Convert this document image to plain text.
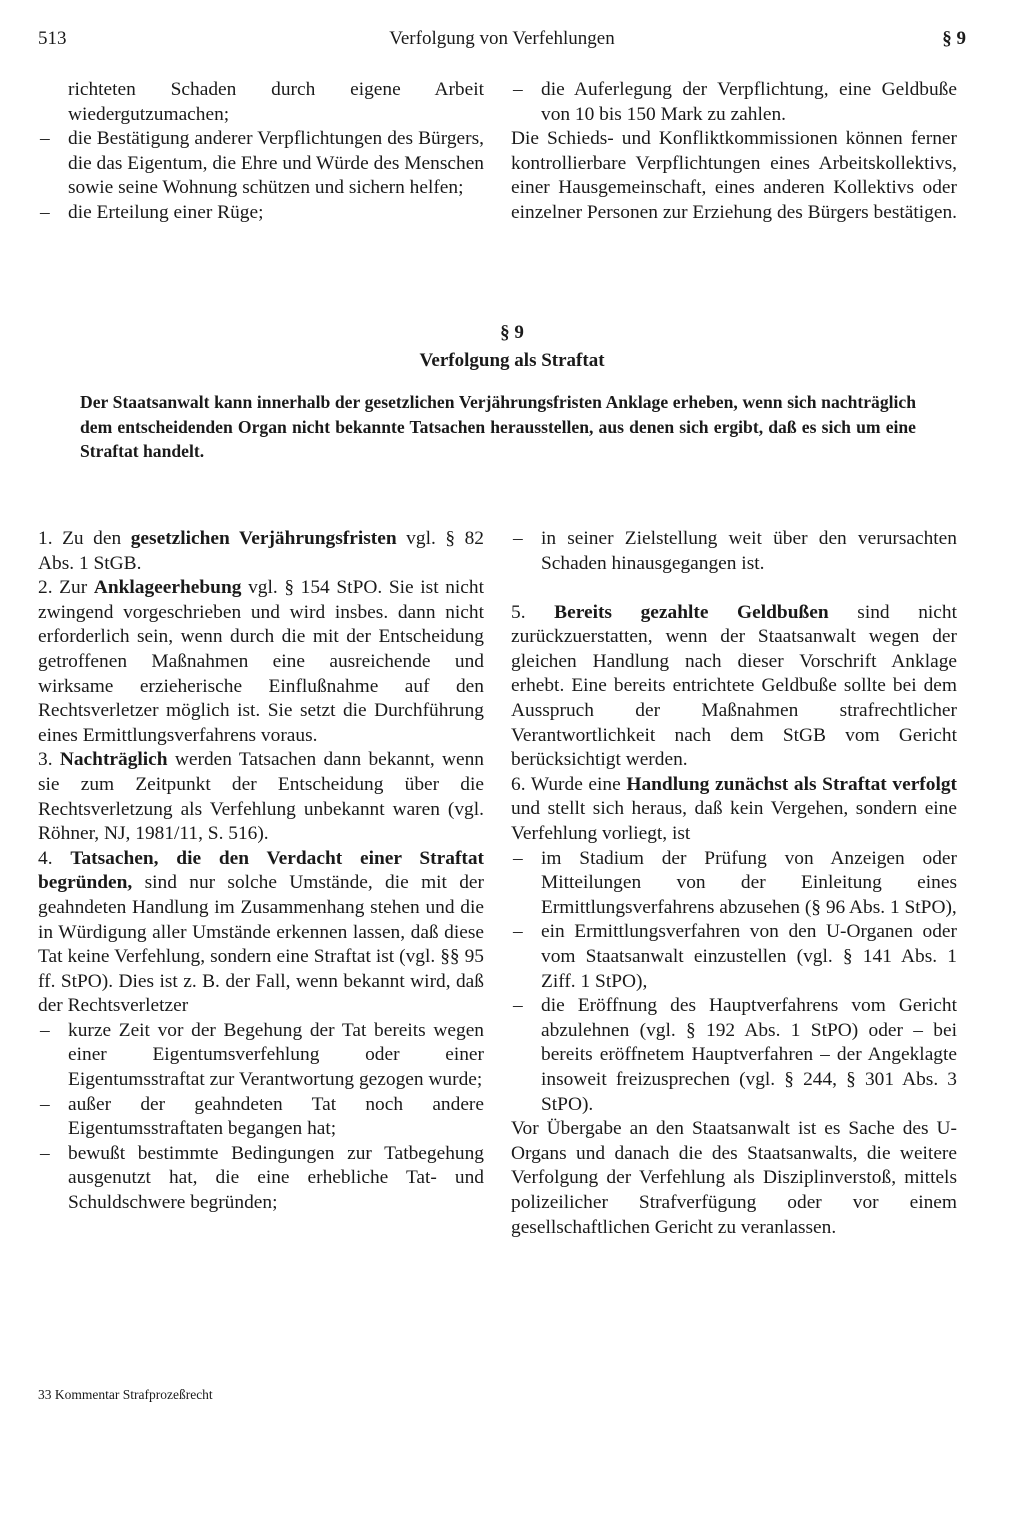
513	Verfolgung von Verfehlungen	§ 9

richteten Schaden durch eigene Arbeit wiedergutzumachen;

– die Bestätigung anderer Verpflichtungen des Bürgers, die das Eigentum, die Ehre und Würde des Menschen sowie seine Wohnung schützen und sichern helfen;
– die Erteilung einer Rüge;
– die Auferlegung der Verpflichtung, eine Geldbuße von 10 bis 150 Mark zu zahlen.

Die Schieds- und Konfliktkommissionen können ferner kontrollierbare Verpflichtungen eines Arbeitskollektivs, einer Hausgemeinschaft, eines anderen Kollektivs oder einzelner Personen zur Erziehung des Bürgers bestätigen.

§ 9
Verfolgung als Straftat

Der Staatsanwalt kann innerhalb der gesetzlichen Verjährungsfristen Anklage erheben, wenn sich nachträglich dem entscheidenden Organ nicht bekannte Tatsachen herausstellen, aus denen sich ergibt, daß es sich um eine Straftat handelt.

1. Zu den gesetzlichen Verjährungsfristen vgl. § 82 Abs. 1 StGB.

2. Zur Anklageerhebung vgl. § 154 StPO. Sie ist nicht zwingend vorgeschrieben und wird insbes. dann nicht erforderlich sein, wenn durch die mit der Entscheidung getroffenen Maßnahmen eine ausreichende und wirksame erzieherische Einflußnahme auf den Rechtsverletzer möglich ist. Sie setzt die Durchführung eines Ermittlungsverfahrens voraus.

3. Nachträglich werden Tatsachen dann bekannt, wenn sie zum Zeitpunkt der Entscheidung über die Rechtsverletzung als Verfehlung unbekannt waren (vgl. Röhner, NJ, 1981/11, S. 516).

4. Tatsachen, die den Verdacht einer Straftat begründen, sind nur solche Umstände, die mit der geahndeten Handlung im Zusammenhang stehen und die in Würdigung aller Umstände erkennen lassen, daß diese Tat keine Verfehlung, sondern eine Straftat ist (vgl. §§ 95 ff. StPO). Dies ist z. B. der Fall, wenn bekannt wird, daß der Rechtsverletzer

– kurze Zeit vor der Begehung der Tat bereits wegen einer Eigentumsverfehlung oder einer Eigentumsstraftat zur Verantwortung gezogen wurde;
– außer der geahndeten Tat noch andere Eigentumsstraftaten begangen hat;
– bewußt bestimmte Bedingungen zur Tatbegehung ausgenutzt hat, die eine erhebliche Tat- und Schuldschwere begründen;
– in seiner Zielstellung weit über den verursachten Schaden hinausgegangen ist.

5. Bereits gezahlte Geldbußen sind nicht zurückzuerstatten, wenn der Staatsanwalt wegen der gleichen Handlung nach dieser Vorschrift Anklage erhebt. Eine bereits entrichtete Geldbuße sollte bei dem Ausspruch der Maßnahmen strafrechtlicher Verantwortlichkeit nach dem StGB vom Gericht berücksichtigt werden.

6. Wurde eine Handlung zunächst als Straftat verfolgt und stellt sich heraus, daß kein Vergehen, sondern eine Verfehlung vorliegt, ist

– im Stadium der Prüfung von Anzeigen oder Mitteilungen von der Einleitung eines Ermittlungsverfahrens abzusehen (§ 96 Abs. 1 StPO),
– ein Ermittlungsverfahren von den U-Organen oder vom Staatsanwalt einzustellen (vgl. § 141 Abs. 1 Ziff. 1 StPO),
– die Eröffnung des Hauptverfahrens vom Gericht abzulehnen (vgl. § 192 Abs. 1 StPO) oder – bei bereits eröffnetem Hauptverfahren – der Angeklagte insoweit freizusprechen (vgl. § 244, § 301 Abs. 3 StPO).

Vor Übergabe an den Staatsanwalt ist es Sache des U-Organs und danach die des Staatsanwalts, die weitere Verfolgung der Verfehlung als Disziplinverstoß, mittels polizeilicher Strafverfügung oder vor einem gesellschaftlichen Gericht zu veranlassen.

33 Kommentar Strafprozeßrecht
